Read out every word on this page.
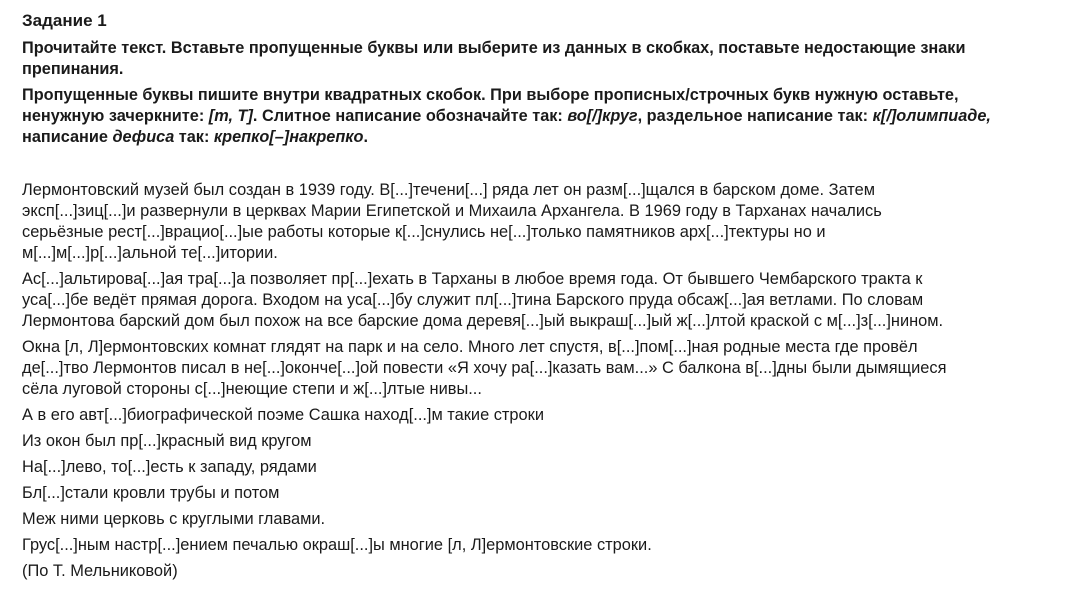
Задание 1
Прочитайте текст. Вставьте пропущенные буквы или выберите из данных в скобках, поставьте недостающие знаки
препинания.
Пропущенные буквы пишите внутри квадратных скобок. При выборе прописных/строчных букв нужную оставьте,
ненужную зачеркните: [т, Т]. Слитное написание обозначайте так: во[/]круг, раздельное написание так: к[/]олимпиаде,
написание дефиса так: крепко[–]накрепко.
Лермонтовский музей был создан в 1939 году. В[...]течени[...] ряда лет он разм[...]щался в барском доме. Затем
эксп[...]зиц[...]и развернули в церквах Марии Египетской и Михаила Архангела. В 1969 году в Тарханах начались
серьёзные рест[...]врацио[...]ые работы которые к[...]снулись не[...]только памятников арх[...]тектуры но и
м[...]м[...]р[...]альной те[...]итории.
Ас[...]альтирова[...]ая тра[...]а позволяет пр[...]ехать в Тарханы в любое время года. От бывшего Чембарского тракта к
уса[...]бе ведёт прямая дорога. Входом на уса[...]бу служит пл[...]тина Барского пруда обсаж[...]ая ветлами. По словам
Лермонтова барский дом был похож на все барские дома деревя[...]ый выкраш[...]ый ж[...]лтой краской с м[...]з[...]нином.
Окна [л, Л]ермонтовских комнат глядят на парк и на село. Много лет спустя, в[...]пом[...]ная родные места где провёл
де[...]тво Лермонтов писал в не[...]оконче[...]ой повести «Я хочу ра[...]казать вам...» С балкона в[...]дны были дымящиеся
сёла луговой стороны с[...]неющие степи и ж[...]лтые нивы...
А в его авт[...]биографической поэме Сашка наход[...]м такие строки
Из окон был пр[...]красный вид кругом
На[...]лево, то[...]есть к западу, рядами
Бл[...]стали кровли трубы и потом
Меж ними церковь с круглыми главами.
Грус[...]ным настр[...]ением печалью окраш[...]ы многие [л, Л]ермонтовские строки.
(По Т. Мельниковой)
